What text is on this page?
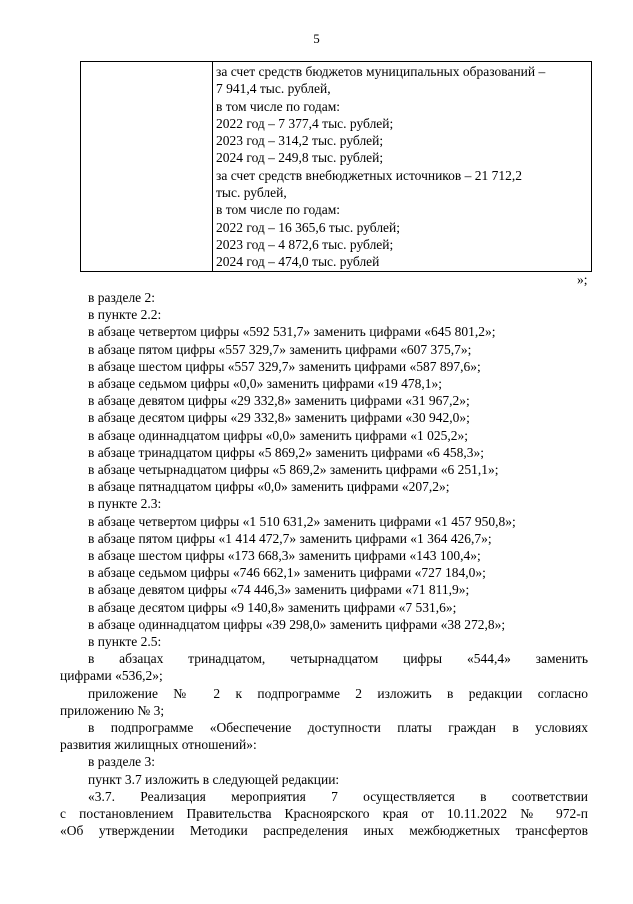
5

за счет средств бюджетов муниципальных образований –
7 941,4 тыс. рублей,
в том числе по годам:
2022 год – 7 377,4 тыс. рублей;
2023 год – 314,2 тыс. рублей;
2024 год – 249,8 тыс. рублей;
за счет средств внебюджетных источников – 21 712,2
тыс. рублей,
в том числе по годам:
2022 год – 16 365,6 тыс. рублей;
2023 год – 4 872,6 тыс. рублей;
2024 год – 474,0 тыс. рублей
»;
в разделе 2:
в пункте 2.2:
в абзаце четвертом цифры «592 531,7» заменить цифрами «645 801,2»;
в абзаце пятом цифры «557 329,7» заменить цифрами «607 375,7»;
в абзаце шестом цифры «557 329,7» заменить цифрами «587 897,6»;
в абзаце седьмом цифры «0,0» заменить цифрами «19 478,1»;
в абзаце девятом цифры «29 332,8» заменить цифрами «31 967,2»;
в абзаце десятом цифры «29 332,8» заменить цифрами «30 942,0»;
в абзаце одиннадцатом цифры «0,0» заменить цифрами «1 025,2»;
в абзаце тринадцатом цифры «5 869,2» заменить цифрами «6 458,3»;
в абзаце четырнадцатом цифры «5 869,2» заменить цифрами «6 251,1»;
в абзаце пятнадцатом цифры «0,0» заменить цифрами «207,2»;
в пункте 2.3:
в абзаце четвертом цифры «1 510 631,2» заменить цифрами «1 457 950,8»;
в абзаце пятом цифры «1 414 472,7» заменить цифрами «1 364 426,7»;
в абзаце шестом цифры «173 668,3» заменить цифрами «143 100,4»;
в абзаце седьмом цифры «746 662,1» заменить цифрами «727 184,0»;
в абзаце девятом цифры «74 446,3» заменить цифрами «71 811,9»;
в абзаце десятом цифры «9 140,8» заменить цифрами «7 531,6»;
в абзаце одиннадцатом цифры «39 298,0» заменить цифрами «38 272,8»;
в пункте 2.5:
в абзацах тринадцатом, четырнадцатом цифры «544,4» заменить
цифрами «536,2»;
приложение № 2 к подпрограмме 2 изложить в редакции согласно
приложению № 3;
в подпрограмме «Обеспечение доступности платы граждан в условиях
развития жилищных отношений»:
в разделе 3:
пункт 3.7 изложить в следующей редакции:
«3.7. Реализация мероприятия 7 осуществляется в соответствии
с постановлением Правительства Красноярского края от 10.11.2022 № 972-п
«Об утверждении Методики распределения иных межбюджетных трансфертов
